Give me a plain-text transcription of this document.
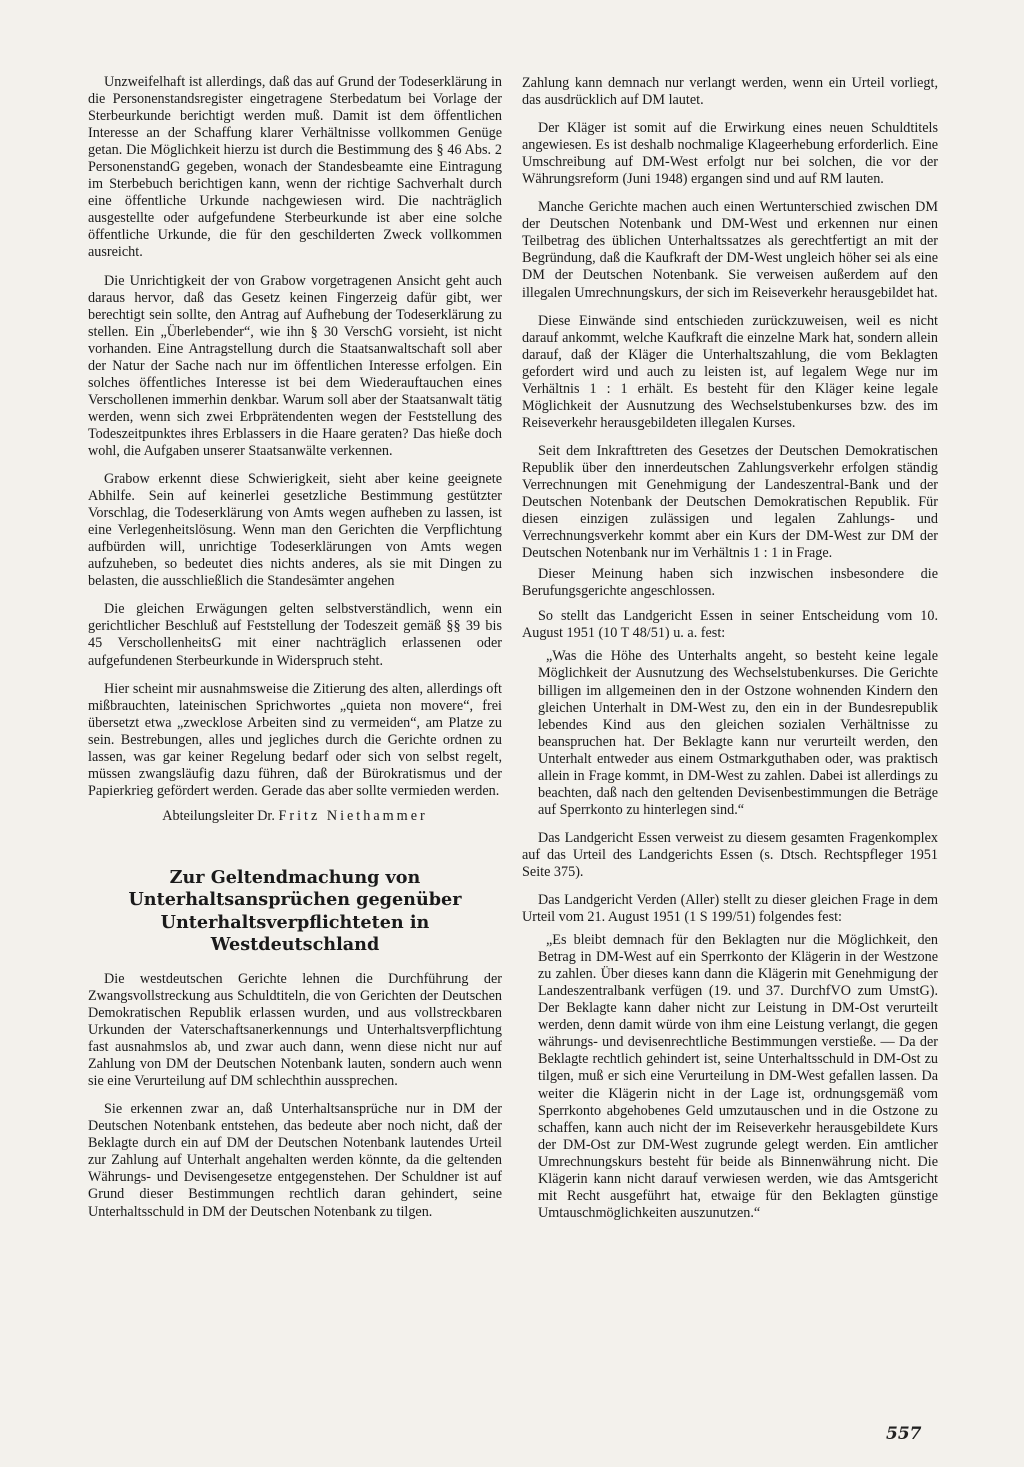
Unzweifelhaft ist allerdings, daß das auf Grund der Todeserklärung in die Personenstandsregister eingetragene Sterbedatum bei Vorlage der Sterbeurkunde berichtigt werden muß. Damit ist dem öffentlichen Interesse an der Schaffung klarer Verhältnisse vollkommen Genüge getan. Die Möglichkeit hierzu ist durch die Bestimmung des § 46 Abs. 2 PersonenstandG gegeben, wonach der Standesbeamte eine Eintragung im Sterbebuch berichtigen kann, wenn der richtige Sachverhalt durch eine öffentliche Urkunde nachgewiesen wird. Die nachträglich ausgestellte oder aufgefundene Sterbeurkunde ist aber eine solche öffentliche Urkunde, die für den geschilderten Zweck vollkommen ausreicht.

Die Unrichtigkeit der von Grabow vorgetragenen Ansicht geht auch daraus hervor, daß das Gesetz keinen Fingerzeig dafür gibt, wer berechtigt sein sollte, den Antrag auf Aufhebung der Todeserklärung zu stellen. Ein „Überlebender“, wie ihn § 30 VerschG vorsieht, ist nicht vorhanden. Eine Antragstellung durch die Staatsanwaltschaft soll aber der Natur der Sache nach nur im öffentlichen Interesse erfolgen. Ein solches öffentliches Interesse ist bei dem Wiederauftauchen eines Verschollenen immerhin denkbar. Warum soll aber der Staatsanwalt tätig werden, wenn sich zwei Erbprätendenten wegen der Feststellung des Todeszeitpunktes ihres Erblassers in die Haare geraten? Das hieße doch wohl, die Aufgaben unserer Staatsanwälte verkennen.

Grabow erkennt diese Schwierigkeit, sieht aber keine geeignete Abhilfe. Sein auf keinerlei gesetzliche Bestimmung gestützter Vorschlag, die Todeserklärung von Amts wegen aufheben zu lassen, ist eine Verlegenheitslösung. Wenn man den Gerichten die Verpflichtung aufbürden will, unrichtige Todeserklärungen von Amts wegen aufzuheben, so bedeutet dies nichts anderes, als sie mit Dingen zu belasten, die ausschließlich die Standesämter angehen

Die gleichen Erwägungen gelten selbstverständlich, wenn ein gerichtlicher Beschluß auf Feststellung der Todeszeit gemäß §§ 39 bis 45 VerschollenheitsG mit einer nachträglich erlassenen oder aufgefundenen Sterbeurkunde in Widerspruch steht.

Hier scheint mir ausnahmsweise die Zitierung des alten, allerdings oft mißbrauchten, lateinischen Sprichwortes „quieta non movere“, frei übersetzt etwa „zwecklose Arbeiten sind zu vermeiden“, am Platze zu sein. Bestrebungen, alles und jegliches durch die Gerichte ordnen zu lassen, was gar keiner Regelung bedarf oder sich von selbst regelt, müssen zwangsläufig dazu führen, daß der Bürokratismus und der Papierkrieg gefördert werden. Gerade das aber sollte vermieden werden.

Abteilungsleiter Dr. Fritz Niethammer
Zur Geltendmachung von Unterhaltsansprüchen gegenüber Unterhaltsverpflichteten in Westdeutschland

Die westdeutschen Gerichte lehnen die Durchführung der Zwangsvollstreckung aus Schuldtiteln, die von Gerichten der Deutschen Demokratischen Republik erlassen wurden, und aus vollstreckbaren Urkunden der Vaterschaftsanerkennungs und Unterhaltsverpflichtung fast ausnahmslos ab, und zwar auch dann, wenn diese nicht nur auf Zahlung von DM der Deutschen Notenbank lauten, sondern auch wenn sie eine Verurteilung auf DM schlechthin aussprechen.

Sie erkennen zwar an, daß Unterhaltsansprüche nur in DM der Deutschen Notenbank entstehen, das bedeute aber noch nicht, daß der Beklagte durch ein auf DM der Deutschen Notenbank lautendes Urteil zur Zahlung auf Unterhalt angehalten werden könnte, da die geltenden Währungs- und Devisengesetze entgegenstehen. Der Schuldner ist auf Grund dieser Bestimmungen rechtlich daran gehindert, seine Unterhaltsschuld in DM der Deutschen Notenbank zu tilgen.

Zahlung kann demnach nur verlangt werden, wenn ein Urteil vorliegt, das ausdrücklich auf DM lautet.

Der Kläger ist somit auf die Erwirkung eines neuen Schuldtitels angewiesen. Es ist deshalb nochmalige Klageerhebung erforderlich. Eine Umschreibung auf DM-West erfolgt nur bei solchen, die vor der Währungsreform (Juni 1948) ergangen sind und auf RM lauten.

Manche Gerichte machen auch einen Wertunterschied zwischen DM der Deutschen Notenbank und DM-West und erkennen nur einen Teilbetrag des üblichen Unterhaltssatzes als gerechtfertigt an mit der Begründung, daß die Kaufkraft der DM-West ungleich höher sei als eine DM der Deutschen Notenbank. Sie verweisen außerdem auf den illegalen Umrechnungskurs, der sich im Reiseverkehr herausgebildet hat.

Diese Einwände sind entschieden zurückzuweisen, weil es nicht darauf ankommt, welche Kaufkraft die einzelne Mark hat, sondern allein darauf, daß der Kläger die Unterhaltszahlung, die vom Beklagten gefordert wird und auch zu leisten ist, auf legalem Wege nur im Verhältnis 1 : 1 erhält. Es besteht für den Kläger keine legale Möglichkeit der Ausnutzung des Wechselstubenkurses bzw. des im Reiseverkehr herausgebildeten illegalen Kurses.

Seit dem Inkrafttreten des Gesetzes der Deutschen Demokratischen Republik über den innerdeutschen Zahlungsverkehr erfolgen ständig Verrechnungen mit Genehmigung der Landeszentral-Bank und der Deutschen Notenbank der Deutschen Demokratischen Republik. Für diesen einzigen zulässigen und legalen Zahlungs- und Verrechnungsverkehr kommt aber ein Kurs der DM-West zur DM der Deutschen Notenbank nur im Verhältnis 1 : 1 in Frage.

Dieser Meinung haben sich inzwischen insbesondere die Berufungsgerichte angeschlossen.

So stellt das Landgericht Essen in seiner Entscheidung vom 10. August 1951 (10 T 48/51) u. a. fest:

„Was die Höhe des Unterhalts angeht, so besteht keine legale Möglichkeit der Ausnutzung des Wechselstubenkurses. Die Gerichte billigen im allgemeinen den in der Ostzone wohnenden Kindern den gleichen Unterhalt in DM-West zu, den ein in der Bundesrepublik lebendes Kind aus den gleichen sozialen Verhältnisse zu beanspruchen hat. Der Beklagte kann nur verurteilt werden, den Unterhalt entweder aus einem Ostmarkguthaben oder, was praktisch allein in Frage kommt, in DM-West zu zahlen. Dabei ist allerdings zu beachten, daß nach den geltenden Devisenbestimmungen die Beträge auf Sperrkonto zu hinterlegen sind.“

Das Landgericht Essen verweist zu diesem gesamten Fragenkomplex auf das Urteil des Landgerichts Essen (s. Dtsch. Rechtspfleger 1951 Seite 375).

Das Landgericht Verden (Aller) stellt zu dieser gleichen Frage in dem Urteil vom 21. August 1951 (1 S 199/51) folgendes fest:

„Es bleibt demnach für den Beklagten nur die Möglichkeit, den Betrag in DM-West auf ein Sperrkonto der Klägerin in der Westzone zu zahlen. Über dieses kann dann die Klägerin mit Genehmigung der Landeszentralbank verfügen (19. und 37. DurchfVO zum UmstG). Der Beklagte kann daher nicht zur Leistung in DM-Ost verurteilt werden, denn damit würde von ihm eine Leistung verlangt, die gegen währungs- und devisenrechtliche Bestimmungen verstieße. — Da der Beklagte rechtlich gehindert ist, seine Unterhaltsschuld in DM-Ost zu tilgen, muß er sich eine Verurteilung in DM-West gefallen lassen. Da weiter die Klägerin nicht in der Lage ist, ordnungsgemäß vom Sperrkonto abgehobenes Geld umzutauschen und in die Ostzone zu schaffen, kann auch nicht der im Reiseverkehr herausgebildete Kurs der DM-Ost zur DM-West zugrunde gelegt werden. Ein amtlicher Umrechnungskurs besteht für beide als Binnenwährung nicht. Die Klägerin kann nicht darauf verwiesen werden, wie das Amtsgericht mit Recht ausgeführt hat, etwaige für den Beklagten günstige Umtauschmöglichkeiten auszunutzen.“

557
